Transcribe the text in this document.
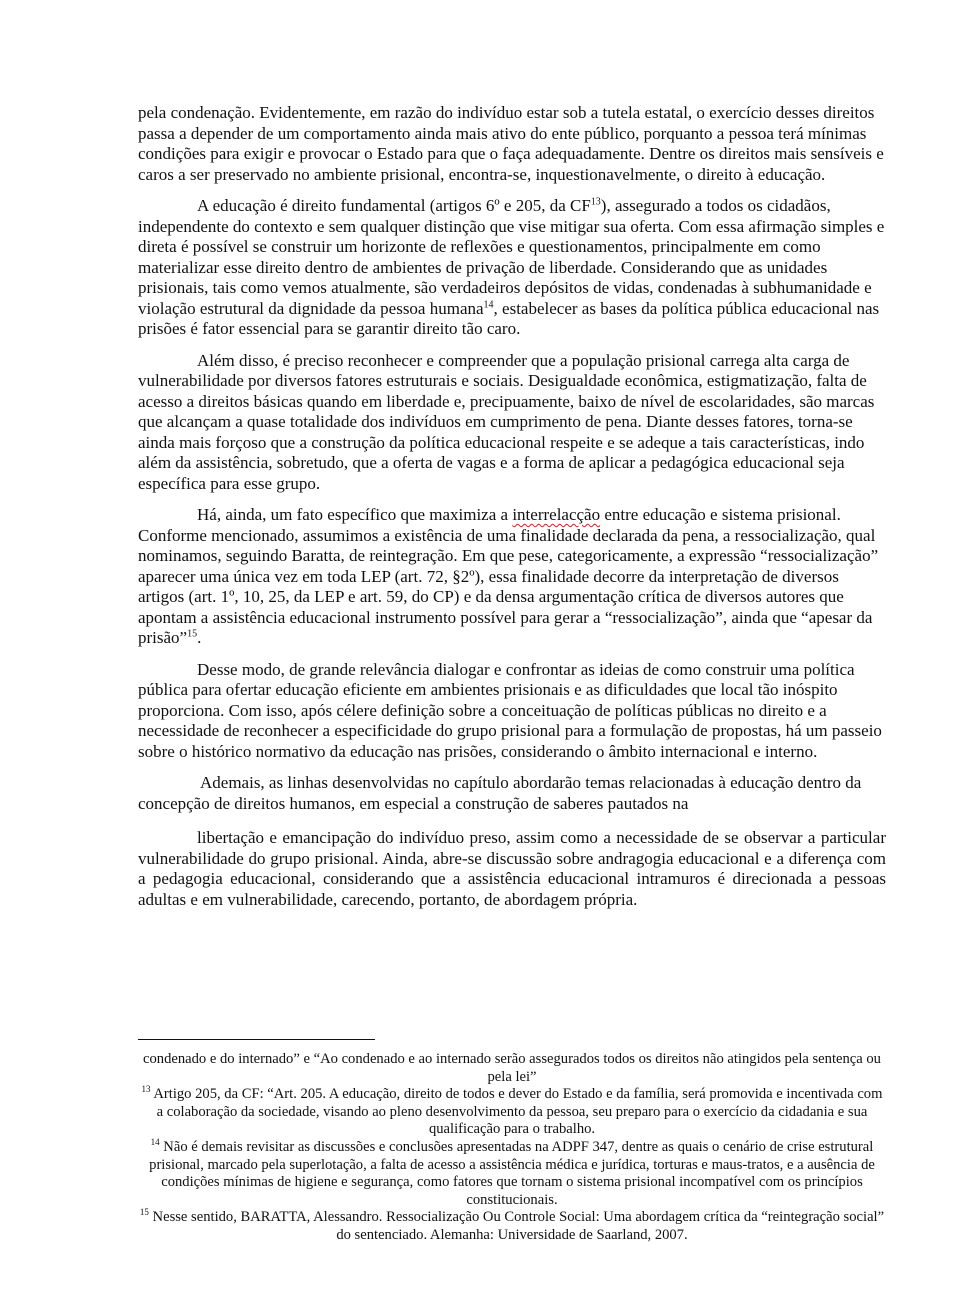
pela condenação. Evidentemente, em razão do indivíduo estar sob a tutela estatal, o exercício desses direitos passa a depender de um comportamento ainda mais ativo do ente público, porquanto a pessoa terá mínimas condições para exigir e provocar o Estado para que o faça adequadamente. Dentre os direitos mais sensíveis e caros a ser preservado no ambiente prisional, encontra-se, inquestionavelmente, o direito à educação.

A educação é direito fundamental (artigos 6º e 205, da CF$^{13}$), assegurado a todos os cidadãos, independente do contexto e sem qualquer distinção que vise mitigar sua oferta. Com essa afirmação simples e direta é possível se construir um horizonte de reflexões e questionamentos, principalmente em como materializar esse direito dentro de ambientes de privação de liberdade. Considerando que as unidades prisionais, tais como vemos atualmente, são verdadeiros depósitos de vidas, condenadas à subhumanidade e violação estrutural da dignidade da pessoa humana$^{14}$, estabelecer as bases da política pública educacional nas prisões é fator essencial para se garantir direito tão caro.

Além disso, é preciso reconhecer e compreender que a população prisional carrega alta carga de vulnerabilidade por diversos fatores estruturais e sociais. Desigualdade econômica, estigmatização, falta de acesso a direitos básicas quando em liberdade e, precipuamente, baixo de nível de escolaridades, são marcas que alcançam a quase totalidade dos indivíduos em cumprimento de pena. Diante desses fatores, torna-se ainda mais forçoso que a construção da política educacional respeite e se adeque a tais características, indo além da assistência, sobretudo, que a oferta de vagas e a forma de aplicar a pedagógica educacional seja específica para esse grupo.

Há, ainda, um fato específico que maximiza a interrelacção entre educação e sistema prisional. Conforme mencionado, assumimos a existência de uma finalidade declarada da pena, a ressocialização, qual nominamos, seguindo Baratta, de reintegração. Em que pese, categoricamente, a expressão “ressocialização” aparecer uma única vez em toda LEP (art. 72, §2º), essa finalidade decorre da interpretação de diversos artigos (art. 1º, 10, 25, da LEP e art. 59, do CP) e da densa argumentação crítica de diversos autores que apontam a assistência educacional instrumento possível para gerar a “ressocialização”, ainda que “apesar da prisão”$^{15}$.

Desse modo, de grande relevância dialogar e confrontar as ideias de como construir uma política pública para ofertar educação eficiente em ambientes prisionais e as dificuldades que local tão inóspito proporciona. Com isso, após célere definição sobre a conceituação de políticas públicas no direito e a necessidade de reconhecer a especificidade do grupo prisional para a formulação de propostas, há um passeio sobre o histórico normativo da educação nas prisões, considerando o âmbito internacional e interno.

Ademais, as linhas desenvolvidas no capítulo abordarão temas relacionadas à educação dentro da concepção de direitos humanos, em especial a construção de saberes pautados na

libertação e emancipação do indivíduo preso, assim como a necessidade de se observar a particular vulnerabilidade do grupo prisional. Ainda, abre-se discussão sobre andragogia educacional e a diferença com a pedagogia educacional, considerando que a assistência educacional intramuros é direcionada a pessoas adultas e em vulnerabilidade, carecendo, portanto, de abordagem própria.

condenado e do internado” e “Ao condenado e ao internado serão assegurados todos os direitos não atingidos pela sentença ou pela lei”

$^{13}$ Artigo 205, da CF: “Art. 205. A educação, direito de todos e dever do Estado e da família, será promovida e incentivada com a colaboração da sociedade, visando ao pleno desenvolvimento da pessoa, seu preparo para o exercício da cidadania e sua qualificação para o trabalho.

$^{14}$ Não é demais revisitar as discussões e conclusões apresentadas na ADPF 347, dentre as quais o cenário de crise estrutural prisional, marcado pela superlotação, a falta de acesso a assistência médica e jurídica, torturas e maus-tratos, e a ausência de condições mínimas de higiene e segurança, como fatores que tornam o sistema prisional incompatível com os princípios constitucionais.

$^{15}$ Nesse sentido, BARATTA, Alessandro. Ressocialização Ou Controle Social: Uma abordagem crítica da “reintegração social” do sentenciado. Alemanha: Universidade de Saarland, 2007.
